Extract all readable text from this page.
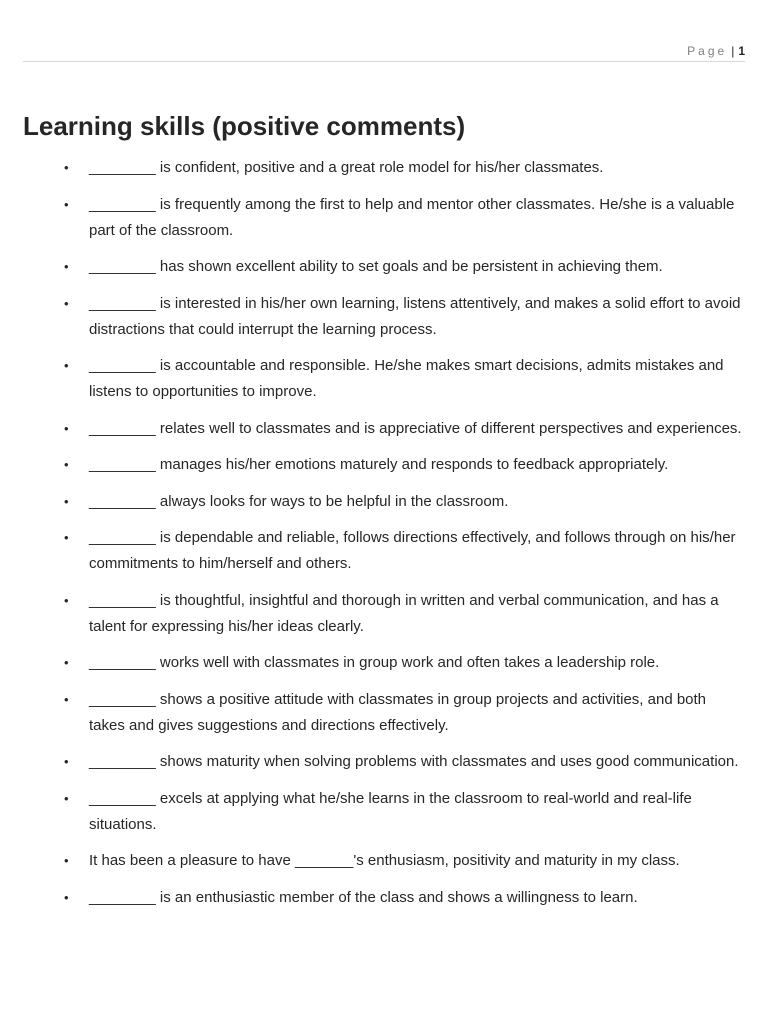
Page | 1
Learning skills (positive comments)
• ________ is confident, positive and a great role model for his/her classmates.
• ________ is frequently among the first to help and mentor other classmates. He/she is a valuable part of the classroom.
• ________ has shown excellent ability to set goals and be persistent in achieving them.
• ________ is interested in his/her own learning, listens attentively, and makes a solid effort to avoid distractions that could interrupt the learning process.
• ________ is accountable and responsible. He/she makes smart decisions, admits mistakes and listens to opportunities to improve.
• ________ relates well to classmates and is appreciative of different perspectives and experiences.
• ________ manages his/her emotions maturely and responds to feedback appropriately.
• ________ always looks for ways to be helpful in the classroom.
• ________ is dependable and reliable, follows directions effectively, and follows through on his/her commitments to him/herself and others.
• ________ is thoughtful, insightful and thorough in written and verbal communication, and has a talent for expressing his/her ideas clearly.
• ________ works well with classmates in group work and often takes a leadership role.
• ________ shows a positive attitude with classmates in group projects and activities, and both takes and gives suggestions and directions effectively.
• ________ shows maturity when solving problems with classmates and uses good communication.
• ________ excels at applying what he/she learns in the classroom to real-world and real-life situations.
• It has been a pleasure to have _______'s enthusiasm, positivity and maturity in my class.
• ________ is an enthusiastic member of the class and shows a willingness to learn.
